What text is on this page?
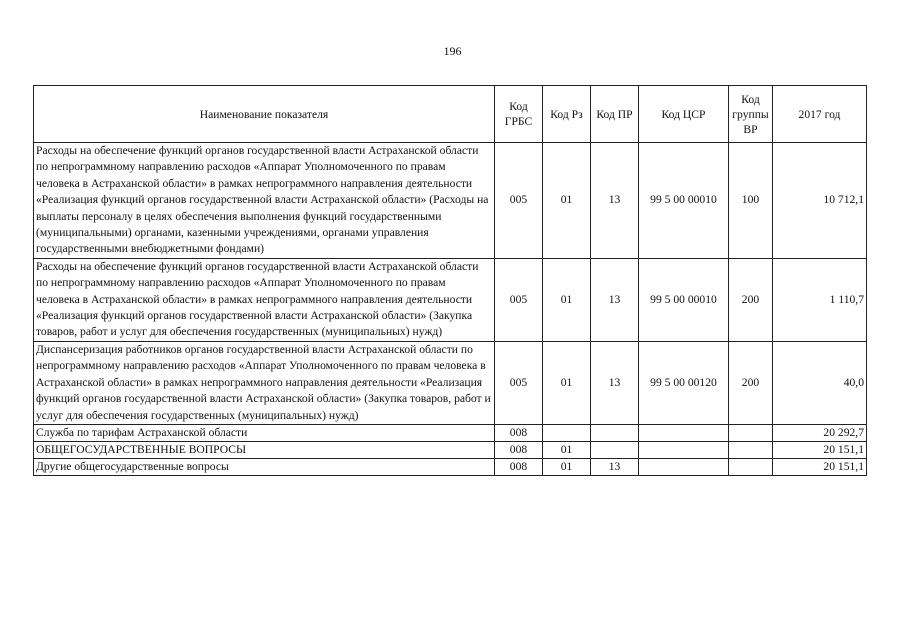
196
Наименование показателя	Код ГРБС	Код Рз	Код ПР	Код ЦСР	Код группы ВР	2017 год
Расходы на обеспечение функций органов государственной власти Астраханской области по непрограммному направлению расходов «Аппарат Уполномоченного по правам человека в Астраханской области» в рамках непрограммного направления деятельности «Реализация функций органов государственной власти Астраханской области» (Расходы на выплаты персоналу в целях обеспечения выполнения функций государственными (муниципальными) органами, казенными учреждениями, органами управления государственными внебюджетными фондами)	005	01	13	99 5 00 00010	100	10 712,1
Расходы на обеспечение функций органов государственной власти Астраханской области по непрограммному направлению расходов «Аппарат Уполномоченного по правам человека в Астраханской области» в рамках непрограммного направления деятельности «Реализация функций органов государственной власти Астраханской области» (Закупка товаров, работ и услуг для обеспечения государственных (муниципальных) нужд)	005	01	13	99 5 00 00010	200	1 110,7
Диспансеризация работников органов государственной власти Астраханской области по непрограммному направлению расходов «Аппарат Уполномоченного по правам человека в Астраханской области» в рамках непрограммного направления деятельности «Реализация функций органов государственной власти Астраханской области» (Закупка товаров, работ и услуг для обеспечения государственных (муниципальных) нужд)	005	01	13	99 5 00 00120	200	40,0
Служба по тарифам Астраханской области	008					20 292,7
ОБЩЕГОСУДАРСТВЕННЫЕ ВОПРОСЫ	008	01				20 151,1
Другие общегосударственные вопросы	008	01	13			20 151,1
